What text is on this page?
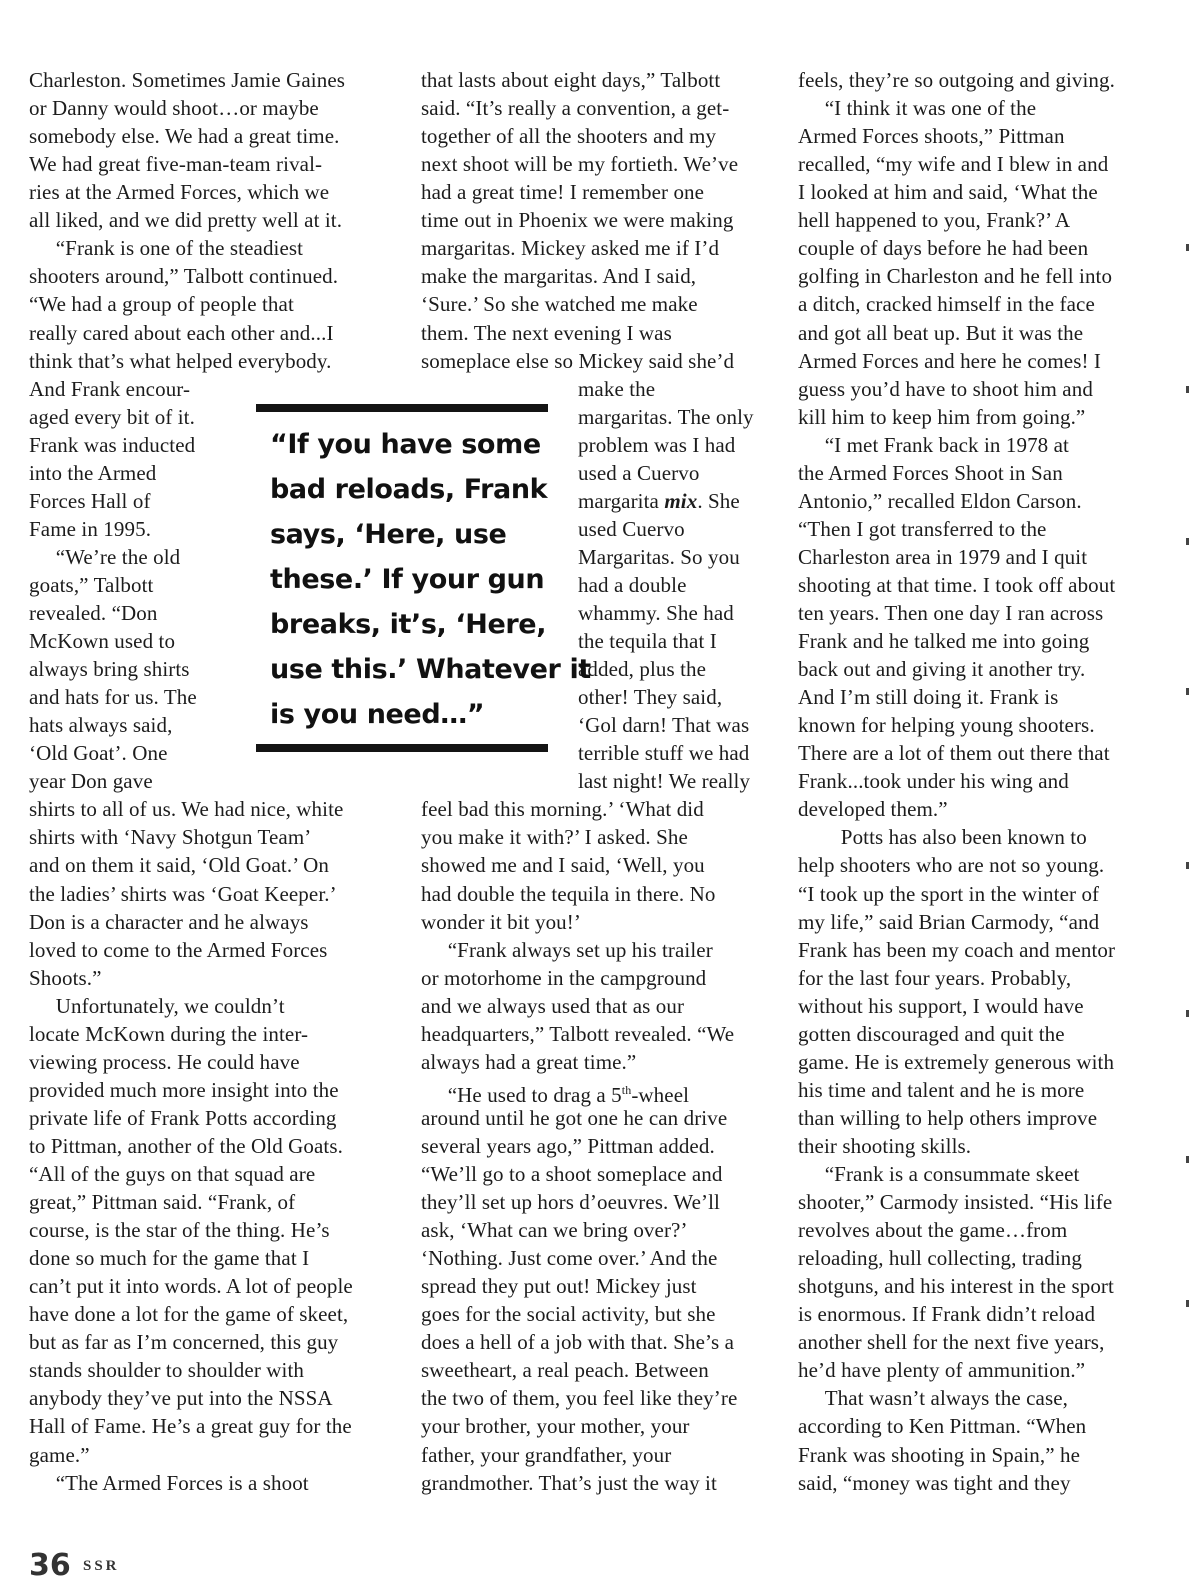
Charleston. Sometimes Jamie Gaines
or Danny would shoot…or maybe
somebody else. We had a great time.
We had great five-man-team rival-
ries at the Armed Forces, which we
all liked, and we did pretty well at it.
“Frank is one of the steadiest
shooters around,” Talbott continued.
“We had a group of people that
really cared about each other and...I
think that’s what helped everybody.
And Frank encour-
aged every bit of it.
Frank was inducted
into the Armed
Forces Hall of
Fame in 1995.
“We’re the old
goats,” Talbott
revealed. “Don
McKown used to
always bring shirts
and hats for us. The
hats always said,
‘Old Goat’. One
year Don gave
shirts to all of us. We had nice, white
shirts with ‘Navy Shotgun Team’
and on them it said, ‘Old Goat.’ On
the ladies’ shirts was ‘Goat Keeper.’
Don is a character and he always
loved to come to the Armed Forces
Shoots.”
Unfortunately, we couldn’t
locate McKown during the inter-
viewing process. He could have
provided much more insight into the
private life of Frank Potts according
to Pittman, another of the Old Goats.
“All of the guys on that squad are
great,” Pittman said. “Frank, of
course, is the star of the thing. He’s
done so much for the game that I
can’t put it into words. A lot of people
have done a lot for the game of skeet,
but as far as I’m concerned, this guy
stands shoulder to shoulder with
anybody they’ve put into the NSSA
Hall of Fame. He’s a great guy for the
game.”
“The Armed Forces is a shoot
that lasts about eight days,” Talbott
said. “It’s really a convention, a get-
together of all the shooters and my
next shoot will be my fortieth. We’ve
had a great time! I remember one
time out in Phoenix we were making
margaritas. Mickey asked me if I’d
make the margaritas. And I said,
‘Sure.’ So she watched me make
them. The next evening I was
someplace else so Mickey said she’d
make the
margaritas. The only
problem was I had
used a Cuervo
margarita mix. She
used Cuervo
Margaritas. So you
had a double
whammy. She had
the tequila that I
added, plus the
other! They said,
‘Gol darn! That was
terrible stuff we had
last night! We really
feel bad this morning.’ ‘What did
you make it with?’ I asked. She
showed me and I said, ‘Well, you
had double the tequila in there. No
wonder it bit you!’
“Frank always set up his trailer
or motorhome in the campground
and we always used that as our
headquarters,” Talbott revealed. “We
always had a great time.”
“He used to drag a 5th-wheel
around until he got one he can drive
several years ago,” Pittman added.
“We’ll go to a shoot someplace and
they’ll set up hors d’oeuvres. We’ll
ask, ‘What can we bring over?’
‘Nothing. Just come over.’ And the
spread they put out! Mickey just
goes for the social activity, but she
does a hell of a job with that. She’s a
sweetheart, a real peach. Between
the two of them, you feel like they’re
your brother, your mother, your
father, your grandfather, your
grandmother. That’s just the way it
feels, they’re so outgoing and giving.
“I think it was one of the
Armed Forces shoots,” Pittman
recalled, “my wife and I blew in and
I looked at him and said, ‘What the
hell happened to you, Frank?’ A
couple of days before he had been
golfing in Charleston and he fell into
a ditch, cracked himself in the face
and got all beat up. But it was the
Armed Forces and here he comes! I
guess you’d have to shoot him and
kill him to keep him from going.”
“I met Frank back in 1978 at
the Armed Forces Shoot in San
Antonio,” recalled Eldon Carson.
“Then I got transferred to the
Charleston area in 1979 and I quit
shooting at that time. I took off about
ten years. Then one day I ran across
Frank and he talked me into going
back out and giving it another try.
And I’m still doing it. Frank is
known for helping young shooters.
There are a lot of them out there that
Frank...took under his wing and
developed them.”
Potts has also been known to
help shooters who are not so young.
“I took up the sport in the winter of
my life,” said Brian Carmody, “and
Frank has been my coach and mentor
for the last four years. Probably,
without his support, I would have
gotten discouraged and quit the
game. He is extremely generous with
his time and talent and he is more
than willing to help others improve
their shooting skills.
“Frank is a consummate skeet
shooter,” Carmody insisted. “His life
revolves about the game…from
reloading, hull collecting, trading
shotguns, and his interest in the sport
is enormous. If Frank didn’t reload
another shell for the next five years,
he’d have plenty of ammunition.”
That wasn’t always the case,
according to Ken Pittman. “When
Frank was shooting in Spain,” he
said, “money was tight and they
“If you have some
bad reloads, Frank
says, ‘Here, use
these.’ If your gun
breaks, it’s, ‘Here,
use this.’ Whatever it
is you need…”
36 SSR
